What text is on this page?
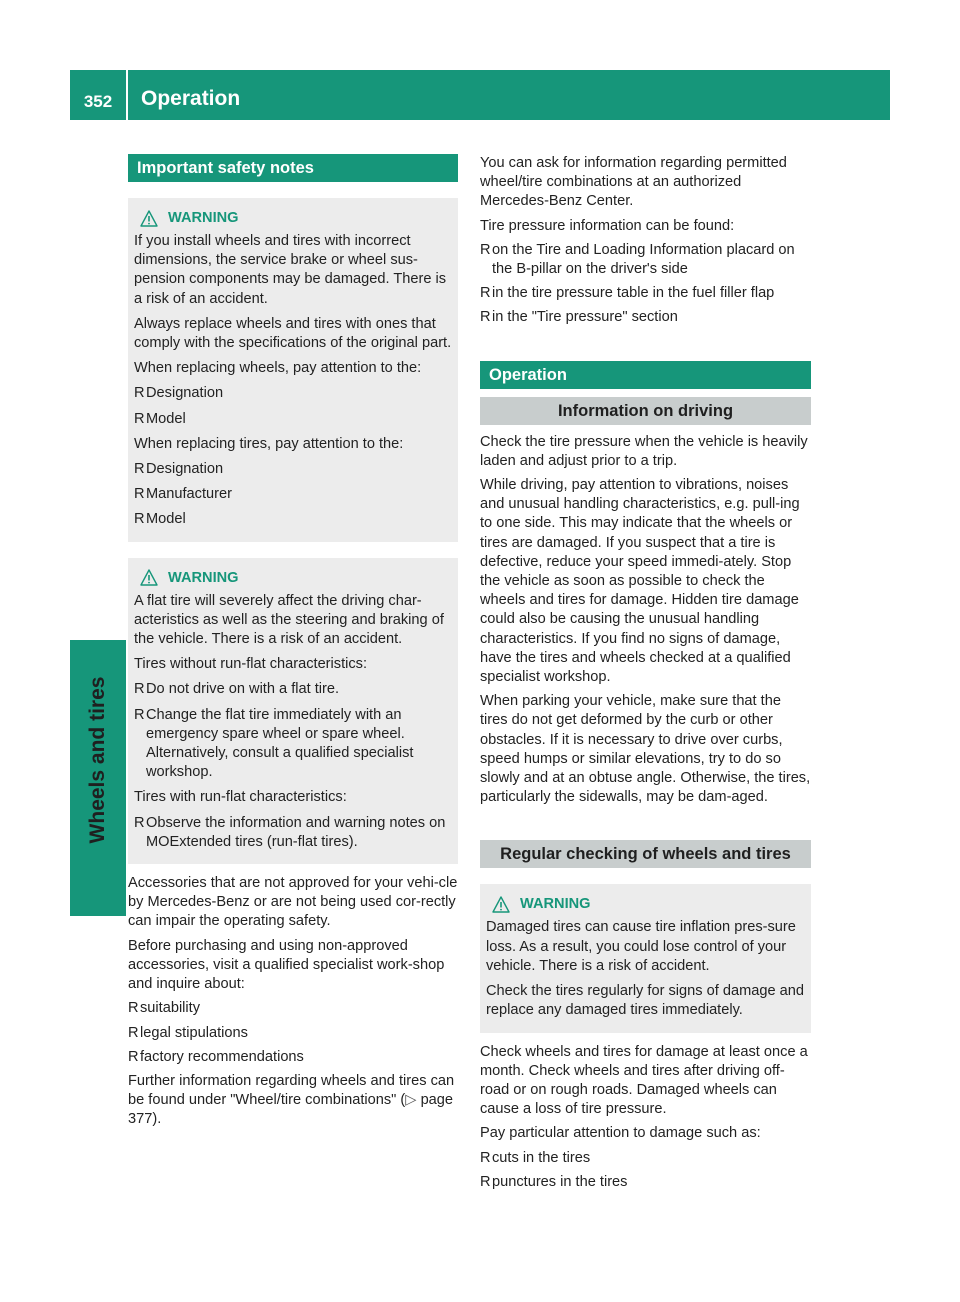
352	Operation
Wheels and tires
Important safety notes
WARNING

If you install wheels and tires with incorrect dimensions, the service brake or wheel sus-pension components may be damaged. There is a risk of an accident.

Always replace wheels and tires with ones that comply with the specifications of the original part.

When replacing wheels, pay attention to the:

R Designation
R Model

When replacing tires, pay attention to the:

R Designation
R Manufacturer
R Model
WARNING

A flat tire will severely affect the driving char-acteristics as well as the steering and braking of the vehicle. There is a risk of an accident.

Tires without run-flat characteristics:

R Do not drive on with a flat tire.
R Change the flat tire immediately with an emergency spare wheel or spare wheel. Alternatively, consult a qualified specialist workshop.

Tires with run-flat characteristics:

R Observe the information and warning notes on MOExtended tires (run-flat tires).

Accessories that are not approved for your vehi-cle by Mercedes-Benz or are not being used cor-rectly can impair the operating safety.

Before purchasing and using non-approved accessories, visit a qualified specialist work-shop and inquire about:

R suitability
R legal stipulations
R factory recommendations

Further information regarding wheels and tires can be found under "Wheel/tire combinations" (▷ page 377).

You can ask for information regarding permitted wheel/tire combinations at an authorized Mercedes-Benz Center.

Tire pressure information can be found:

R on the Tire and Loading Information placard on the B-pillar on the driver's side
R in the tire pressure table in the fuel filler flap
R in the "Tire pressure" section
Operation
Information on driving

Check the tire pressure when the vehicle is heavily laden and adjust prior to a trip.

While driving, pay attention to vibrations, noises and unusual handling characteristics, e.g. pull-ing to one side. This may indicate that the wheels or tires are damaged. If you suspect that a tire is defective, reduce your speed immedi-ately. Stop the vehicle as soon as possible to check the wheels and tires for damage. Hidden tire damage could also be causing the unusual handling characteristics. If you find no signs of damage, have the tires and wheels checked at a qualified specialist workshop.

When parking your vehicle, make sure that the tires do not get deformed by the curb or other obstacles. If it is necessary to drive over curbs, speed humps or similar elevations, try to do so slowly and at an obtuse angle. Otherwise, the tires, particularly the sidewalls, may be dam-aged.

Regular checking of wheels and tires
WARNING

Damaged tires can cause tire inflation pres-sure loss. As a result, you could lose control of your vehicle. There is a risk of accident.

Check the tires regularly for signs of damage and replace any damaged tires immediately.

Check wheels and tires for damage at least once a month. Check wheels and tires after driving off-road or on rough roads. Damaged wheels can cause a loss of tire pressure.

Pay particular attention to damage such as:

R cuts in the tires
R punctures in the tires
